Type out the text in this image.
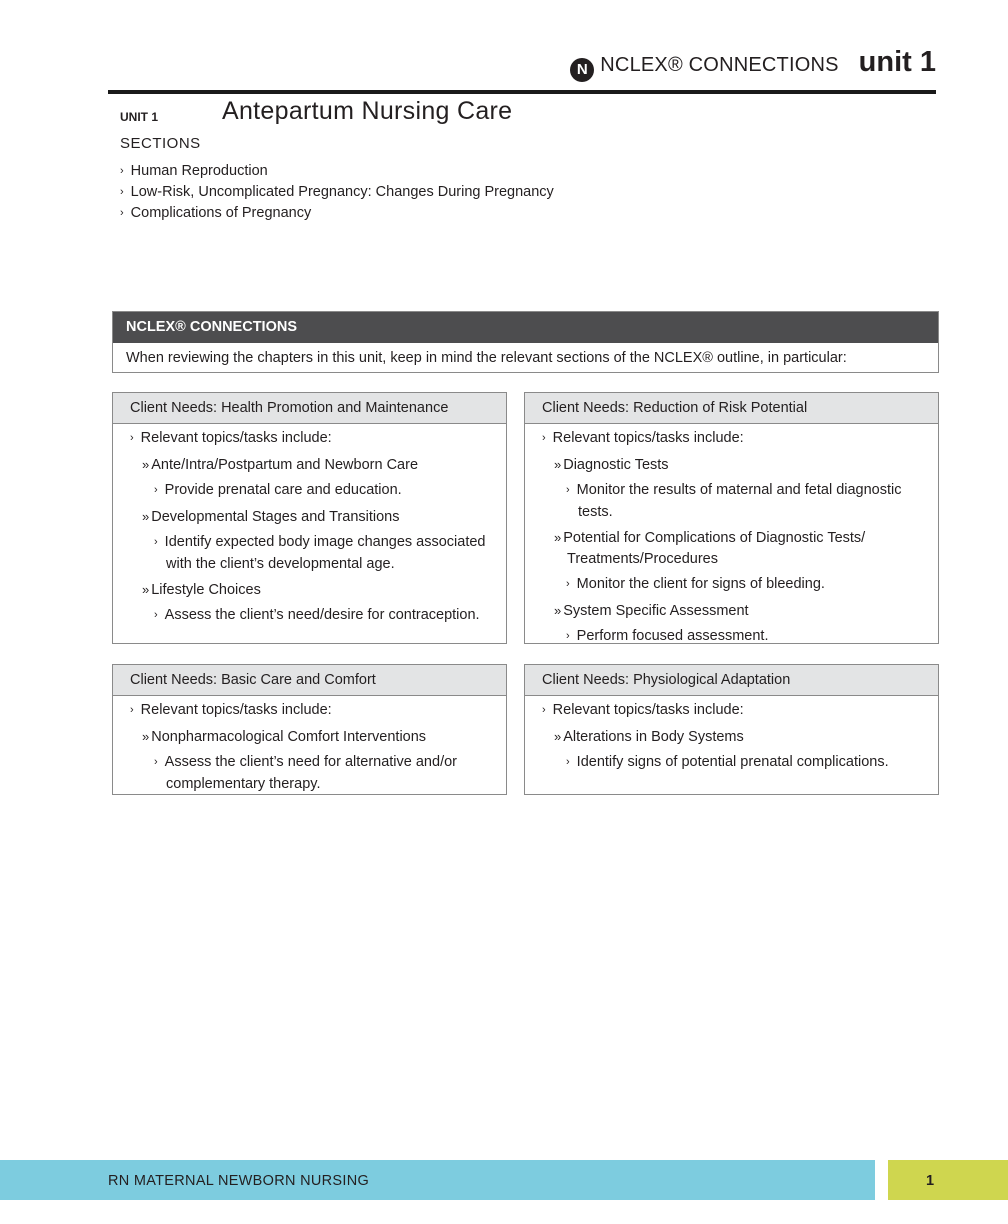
N NCLEX® CONNECTIONS unit 1
UNIT 1	Antepartum Nursing Care
SECTIONS
› Human Reproduction
› Low-Risk, Uncomplicated Pregnancy: Changes During Pregnancy
› Complications of Pregnancy
NCLEX® CONNECTIONS
When reviewing the chapters in this unit, keep in mind the relevant sections of the NCLEX® outline, in particular:
Client Needs: Health Promotion and Maintenance
› Relevant topics/tasks include:
» Ante/Intra/Postpartum and Newborn Care
› Provide prenatal care and education.
» Developmental Stages and Transitions
› Identify expected body image changes associated with the client’s developmental age.
» Lifestyle Choices
› Assess the client’s need/desire for contraception.
Client Needs: Reduction of Risk Potential
› Relevant topics/tasks include:
» Diagnostic Tests
› Monitor the results of maternal and fetal diagnostic tests.
» Potential for Complications of Diagnostic Tests/ Treatments/Procedures
› Monitor the client for signs of bleeding.
» System Specific Assessment
› Perform focused assessment.
Client Needs: Basic Care and Comfort
› Relevant topics/tasks include:
» Nonpharmacological Comfort Interventions
› Assess the client’s need for alternative and/or complementary therapy.
Client Needs: Physiological Adaptation
› Relevant topics/tasks include:
» Alterations in Body Systems
› Identify signs of potential prenatal complications.
RN MATERNAL NEWBORN NURSING	1
